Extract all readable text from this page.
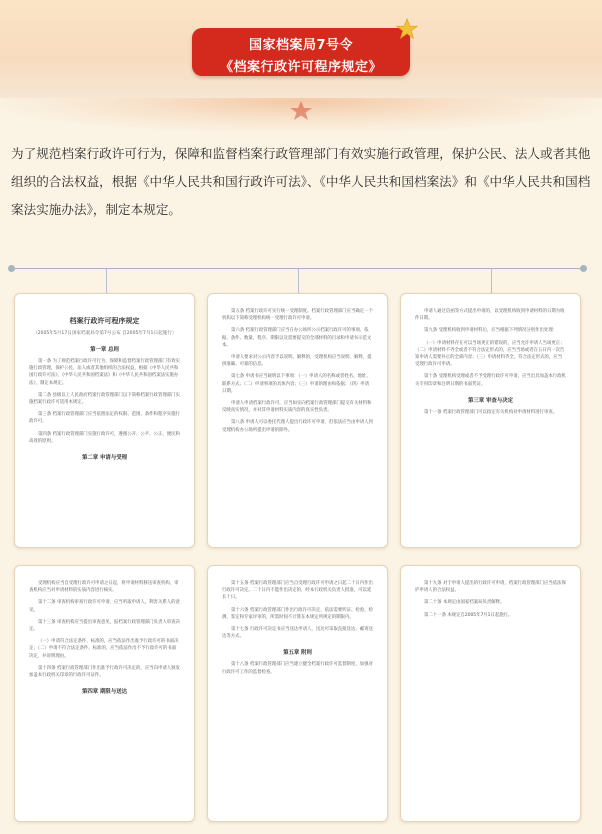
国家档案局7号令
《档案行政许可程序规定》
为了规范档案行政许可行为，保障和监督档案行政管理部门有效实施行政管理，保护公民、法人或者其他组织的合法权益，根据《中华人民共和国行政许可法》、《中华人民共和国档案法》和《中华人民共和国档案法实施办法》，制定本规定。
档案行政许可程序规定
（2005年5月17日国家档案局令第7号公布 自2005年7月1日起施行）
第一章 总则
第一条 为了规范档案行政许可行为，保障和监督档案行政管理部门有效实施行政管理，保护公民、法人或者其他组织的合法权益，根据《中华人民共和国行政许可法》、《中华人民共和国档案法》和《中华人民共和国档案法实施办法》，制定本规定。
第二条 县级以上人民政府档案行政管理部门以下简称档案行政管理部门实施档案行政许可适用本规定。
第三条 档案行政管理部门应当依照法定的权限、范围、条件和程序实施行政许可。
第四条 档案行政管理部门实施行政许可，遵循公开、公平、公正、便民和高效的原则。
第二章 申请与受理
第五条 档案行政许可实行统一受理制度。档案行政管理部门应当确定一个机构以下简称受理机构统一受理行政许可申请。
第六条 档案行政管理部门应当在办公场所公示档案行政许可的事项、依据、条件、数量、程序、期限以及需要提交的全部材料的目录和申请书示范文本。
申请人要求对公示内容予以说明、解释的，受理机构应当说明、解释，提供准确、可靠的信息。
第七条 申请书应当载明以下事项：（一）申请人的名称或者姓名、地址、联系方式；（二）申请事项的具体内容；（三）申请的理由和依据；（四）申请日期。
申请人申请档案行政许可，应当如实向档案行政管理部门提交有关材料和反映真实情况，并对其申请材料实质内容的真实性负责。
第八条 申请人可以委托代理人提出行政许可申请，但依法应当由申请人到受理机构办公场所提出申请的除外。
申请人通过信函等方式提出申请的，以受理机构收到申请材料的日期为收件日期。
第九条 受理机构收到申请材料后，应当根据下列情况分别作出处理：
（一）申请材料存在可以当场更正的错误的，应当允许申请人当场更正；（二）申请材料不齐全或者不符合法定形式的，应当当场或者在五日内一次告知申请人需要补正的全部内容；（三）申请材料齐全、符合法定形式的，应当受理行政许可申请。
第十条 受理机构受理或者不予受理行政许可申请，应当出具加盖本行政机关专用印章和注明日期的书面凭证。
第三章 审查与决定
第十一条 档案行政管理部门可以指定有关机构对申请材料进行审查。
受理机构应当自受理行政许可申请之日起，将申请材料移送审查机构，审查机构应当对申请材料的实质内容进行核实。
第十二条 审查机构审查行政许可申请，应当听取申请人、利害关系人的意见。
第十三条 审查机构应当提出审查意见，报档案行政管理部门负责人审查决定。
（一）申请符合法定条件、标准的，应当依法作出准予行政许可的书面决定；（二）申请不符合法定条件、标准的，应当依法作出不予行政许可的书面决定，并说明理由。
第十四条 档案行政管理部门作出准予行政许可决定的，应当向申请人颁发加盖本行政机关印章的行政许可证件。
第四章 期限与送达
第十五条 档案行政管理部门应当自受理行政许可申请之日起二十日内作出行政许可决定。二十日内不能作出决定的，经本行政机关负责人批准，可以延长十日。
第十六条 档案行政管理部门作出行政许可决定，依法需要听证、检验、检测、鉴定和专家评审的，所需时间不计算在本规定所规定的期限内。
第十七条 行政许可决定书应当送达申请人，送达可采取直接送达、邮寄送达等方式。
第五章 附则
第十八条 档案行政管理部门应当建立健全档案行政许可监督制度，加强对行政许可工作的监督检查。
第十九条 对于申请人提出的行政许可申请，档案行政管理部门应当依法保护申请人的合法权益。
第二十条 本规定由国家档案局负责解释。
第二十一条 本规定自2005年7月1日起施行。
